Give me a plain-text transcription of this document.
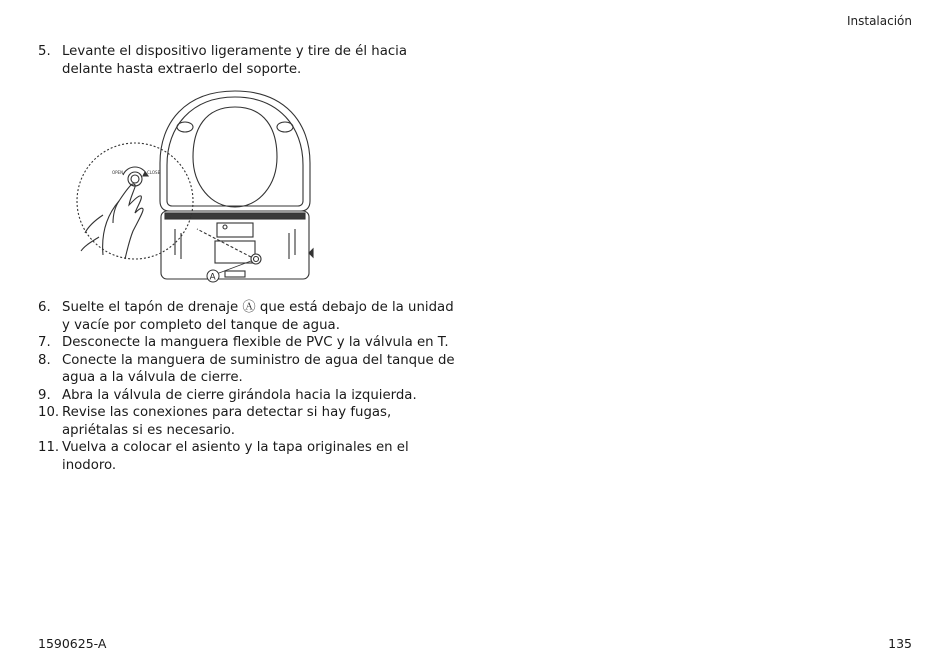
Instalación
5. Levante el dispositivo ligeramente y tire de él hacia delante hasta extraerlo del soporte.
OPEN	CLOSE
A
6. Suelte el tapón de drenaje Ⓐ que está debajo de la unidad y vacíe por completo del tanque de agua.
7. Desconecte la manguera flexible de PVC y la válvula en T.
8. Conecte la manguera de suministro de agua del tanque de agua a la válvula de cierre.
9. Abra la válvula de cierre girándola hacia la izquierda.
10. Revise las conexiones para detectar si hay fugas, apriétalas si es necesario.
11. Vuelva a colocar el asiento y la tapa originales en el inodoro.
1590625-A	135
